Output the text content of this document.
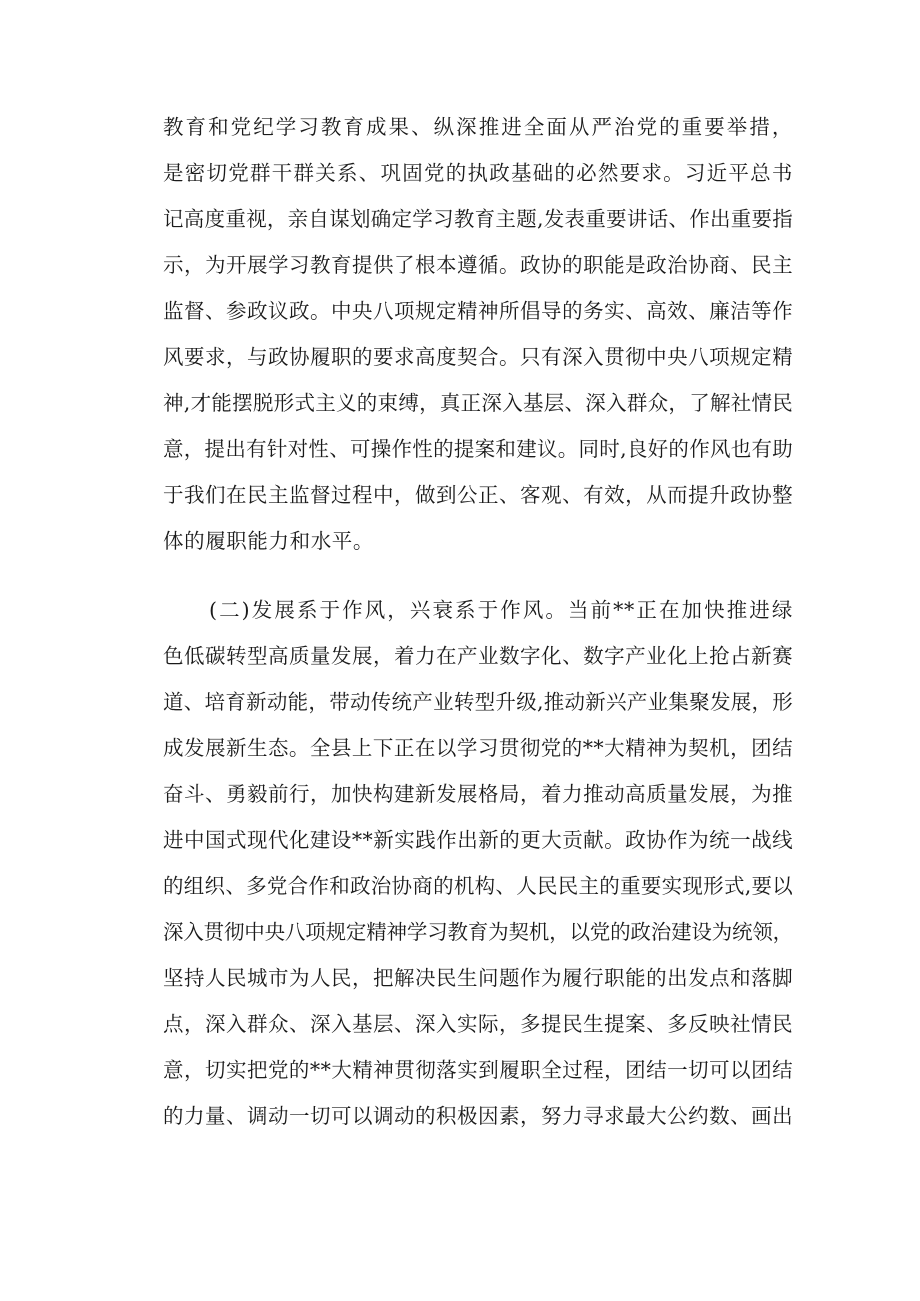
教育和党纪学习教育成果、纵深推进全面从严治党的重要举措，
是密切党群干群关系、巩固党的执政基础的必然要求。习近平总书
记高度重视，亲自谋划确定学习教育主题,发表重要讲话、作出重要指
示，为开展学习教育提供了根本遵循。政协的职能是政治协商、民主
监督、参政议政。中央八项规定精神所倡导的务实、高效、廉洁等作
风要求，与政协履职的要求高度契合。只有深入贯彻中央八项规定精
神,才能摆脱形式主义的束缚，真正深入基层、深入群众，了解社情民
意，提出有针对性、可操作性的提案和建议。同时,良好的作风也有助
于我们在民主监督过程中，做到公正、客观、有效，从而提升政协整
体的履职能力和水平。
(二)发展系于作风，兴衰系于作风。当前**正在加快推进绿
色低碳转型高质量发展，着力在产业数字化、数字产业化上抢占新赛
道、培育新动能，带动传统产业转型升级,推动新兴产业集聚发展，形
成发展新生态。全县上下正在以学习贯彻党的**大精神为契机，团结
奋斗、勇毅前行，加快构建新发展格局，着力推动高质量发展，为推
进中国式现代化建设**新实践作出新的更大贡献。政协作为统一战线
的组织、多党合作和政治协商的机构、人民民主的重要实现形式,要以
深入贯彻中央八项规定精神学习教育为契机，以党的政治建设为统领，
坚持人民城市为人民，把解决民生问题作为履行职能的出发点和落脚
点，深入群众、深入基层、深入实际，多提民生提案、多反映社情民
意，切实把党的**大精神贯彻落实到履职全过程，团结一切可以团结
的力量、调动一切可以调动的积极因素，努力寻求最大公约数、画出
